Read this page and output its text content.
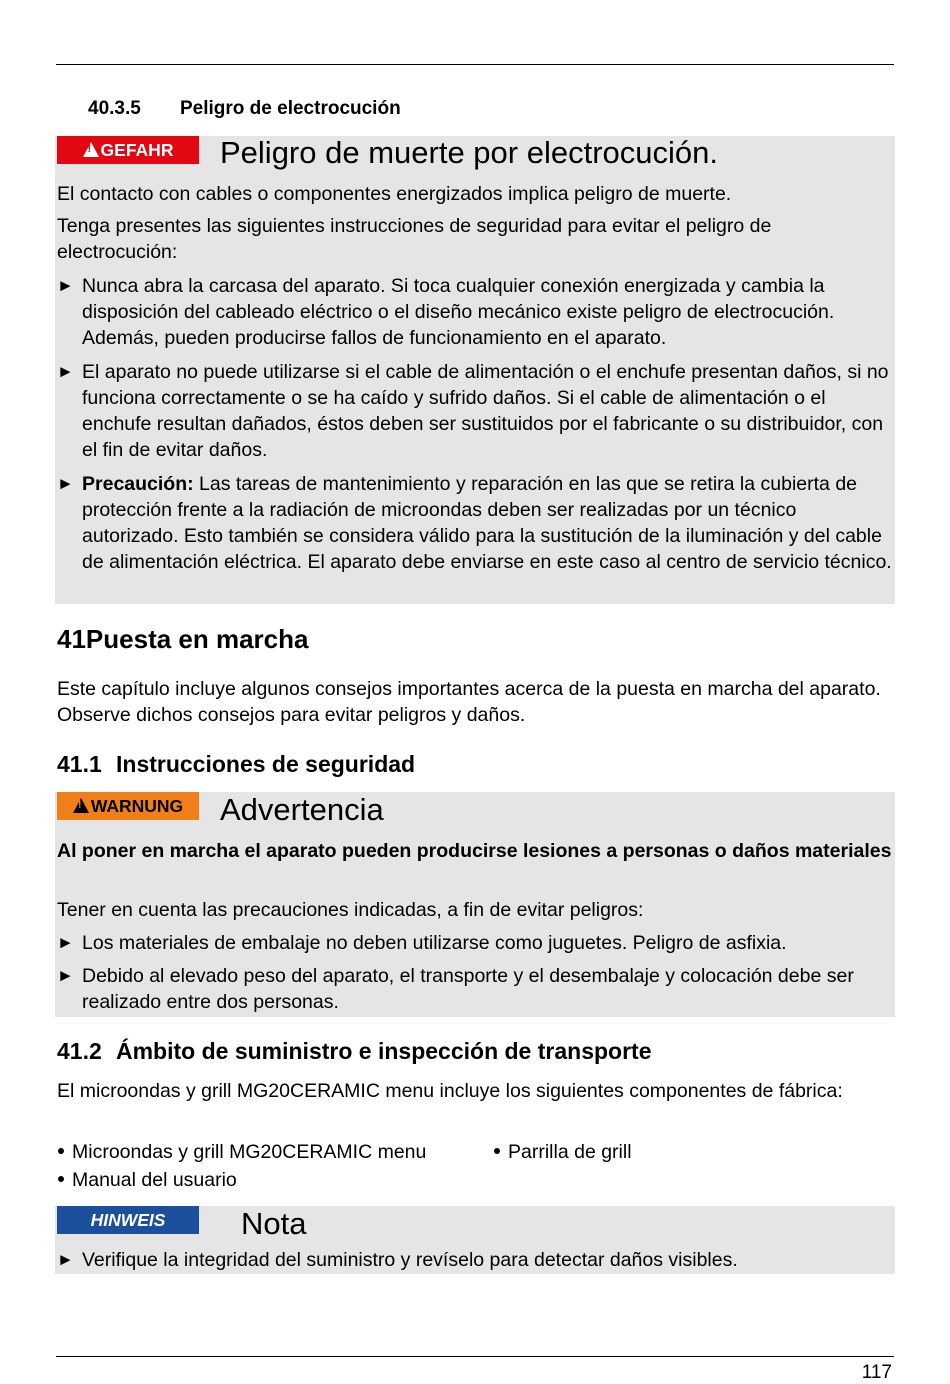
40.3.5 Peligro de electrocución
!
GEFAHR Peligro de muerte por electrocución.
El contacto con cables o componentes energizados implica peligro de muerte.
Tenga presentes las siguientes instrucciones de seguridad para evitar el peligro de electrocución:
► Nunca abra la carcasa del aparato. Si toca cualquier conexión energizada y cambia la disposición del cableado eléctrico o el diseño mecánico existe peligro de electrocución. Además, pueden producirse fallos de funcionamiento en el aparato.
► El aparato no puede utilizarse si el cable de alimentación o el enchufe presentan daños, si no funciona correctamente o se ha caído y sufrido daños. Si el cable de alimentación o el enchufe resultan dañados, éstos deben ser sustituidos por el fabricante o su distribuidor, con el fin de evitar daños.
► Precaución: Las tareas de mantenimiento y reparación en las que se retira la cubierta de protección frente a la radiación de microondas deben ser realizadas por un técnico autorizado. Esto también se considera válido para la sustitución de la iluminación y del cable de alimentación eléctrica. El aparato debe enviarse en este caso al centro de servicio técnico.
41Puesta en marcha
Este capítulo incluye algunos consejos importantes acerca de la puesta en marcha del aparato. Observe dichos consejos para evitar peligros y daños.
41.1 Instrucciones de seguridad
!
WARNUNG Advertencia
Al poner en marcha el aparato pueden producirse lesiones a personas o daños materiales
Tener en cuenta las precauciones indicadas, a fin de evitar peligros:
► Los materiales de embalaje no deben utilizarse como juguetes. Peligro de asfixia.
► Debido al elevado peso del aparato, el transporte y el desembalaje y colocación debe ser realizado entre dos personas.
41.2 Ámbito de suministro e inspección de transporte
El microondas y grill MG20CERAMIC menu incluye los siguientes componentes de fábrica:
Microondas y grill MG20CERAMIC menu	Parrilla de grill
Manual del usuario
HINWEIS Nota
► Verifique la integridad del suministro y revíselo para detectar daños visibles.
117
